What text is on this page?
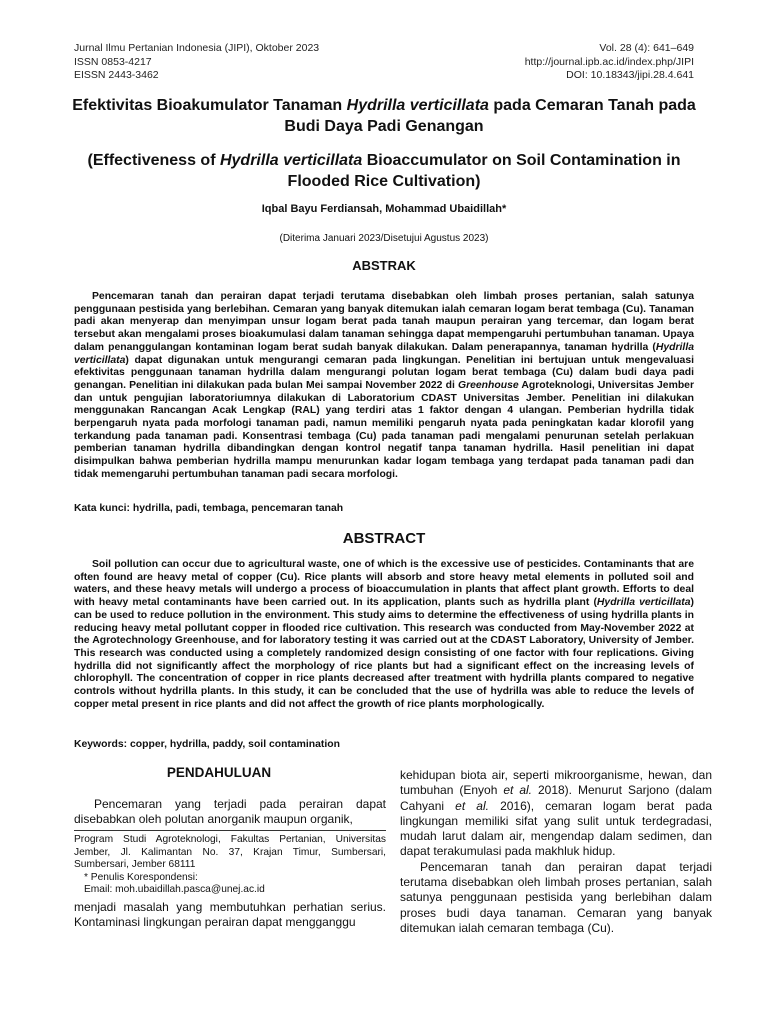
Jurnal Ilmu Pertanian Indonesia (JIPI), Oktober 2023
ISSN 0853-4217
EISSN 2443-3462
Vol. 28 (4): 641–649
http://journal.ipb.ac.id/index.php/JIPI
DOI: 10.18343/jipi.28.4.641
Efektivitas Bioakumulator Tanaman Hydrilla verticillata pada Cemaran Tanah pada Budi Daya Padi Genangan
(Effectiveness of Hydrilla verticillata Bioaccumulator on Soil Contamination in Flooded Rice Cultivation)
Iqbal Bayu Ferdiansah, Mohammad Ubaidillah*
(Diterima Januari 2023/Disetujui Agustus 2023)
ABSTRAK
Pencemaran tanah dan perairan dapat terjadi terutama disebabkan oleh limbah proses pertanian, salah satunya penggunaan pestisida yang berlebihan. Cemaran yang banyak ditemukan ialah cemaran logam berat tembaga (Cu). Tanaman padi akan menyerap dan menyimpan unsur logam berat pada tanah maupun perairan yang tercemar, dan logam berat tersebut akan mengalami proses bioakumulasi dalam tanaman sehingga dapat mempengaruhi pertumbuhan tanaman. Upaya dalam penanggulangan kontaminan logam berat sudah banyak dilakukan. Dalam penerapannya, tanaman hydrilla (Hydrilla verticillata) dapat digunakan untuk mengurangi cemaran pada lingkungan. Penelitian ini bertujuan untuk mengevaluasi efektivitas penggunaan tanaman hydrilla dalam mengurangi polutan logam berat tembaga (Cu) dalam budi daya padi genangan. Penelitian ini dilakukan pada bulan Mei sampai November 2022 di Greenhouse Agroteknologi, Universitas Jember dan untuk pengujian laboratoriumnya dilakukan di Laboratorium CDAST Universitas Jember. Penelitian ini dilakukan menggunakan Rancangan Acak Lengkap (RAL) yang terdiri atas 1 faktor dengan 4 ulangan. Pemberian hydrilla tidak berpengaruh nyata pada morfologi tanaman padi, namun memiliki pengaruh nyata pada peningkatan kadar klorofil yang terkandung pada tanaman padi. Konsentrasi tembaga (Cu) pada tanaman padi mengalami penurunan setelah perlakuan pemberian tanaman hydrilla dibandingkan dengan kontrol negatif tanpa tanaman hydrilla. Hasil penelitian ini dapat disimpulkan bahwa pemberian hydrilla mampu menurunkan kadar logam tembaga yang terdapat pada tanaman padi dan tidak memengaruhi pertumbuhan tanaman padi secara morfologi.
Kata kunci: hydrilla, padi, tembaga, pencemaran tanah
ABSTRACT
Soil pollution can occur due to agricultural waste, one of which is the excessive use of pesticides. Contaminants that are often found are heavy metal of copper (Cu). Rice plants will absorb and store heavy metal elements in polluted soil and waters, and these heavy metals will undergo a process of bioaccumulation in plants that affect plant growth. Efforts to deal with heavy metal contaminants have been carried out. In its application, plants such as hydrilla plant (Hydrilla verticillata) can be used to reduce pollution in the environment. This study aims to determine the effectiveness of using hydrilla plants in reducing heavy metal pollutant copper in flooded rice cultivation. This research was conducted from May-November 2022 at the Agrotechnology Greenhouse, and for laboratory testing it was carried out at the CDAST Laboratory, University of Jember. This research was conducted using a completely randomized design consisting of one factor with four replications. Giving hydrilla did not significantly affect the morphology of rice plants but had a significant effect on the increasing levels of chlorophyll. The concentration of copper in rice plants decreased after treatment with hydrilla plants compared to negative controls without hydrilla plants. In this study, it can be concluded that the use of hydrilla was able to reduce the levels of copper metal present in rice plants and did not affect the growth of rice plants morphologically.
Keywords: copper, hydrilla, paddy, soil contamination
PENDAHULUAN

Pencemaran yang terjadi pada perairan dapat disebabkan oleh polutan anorganik maupun organik,

Program Studi Agroteknologi, Fakultas Pertanian, Universitas Jember, Jl. Kalimantan No. 37, Krajan Timur, Sumbersari, Sumbersari, Jember 68111

* Penulis Korespondensi:

Email: moh.ubaidillah.pasca@unej.ac.id

menjadi masalah yang membutuhkan perhatian serius. Kontaminasi lingkungan perairan dapat mengganggu

kehidupan biota air, seperti mikroorganisme, hewan, dan tumbuhan (Enyoh et al. 2018). Menurut Sarjono (dalam Cahyani et al. 2016), cemaran logam berat pada lingkungan memiliki sifat yang sulit untuk terdegradasi, mudah larut dalam air, mengendap dalam sedimen, dan dapat terakumulasi pada makhluk hidup.

Pencemaran tanah dan perairan dapat terjadi terutama disebabkan oleh limbah proses pertanian, salah satunya penggunaan pestisida yang berlebihan dalam proses budi daya tanaman. Cemaran yang banyak ditemukan ialah cemaran tembaga (Cu).
